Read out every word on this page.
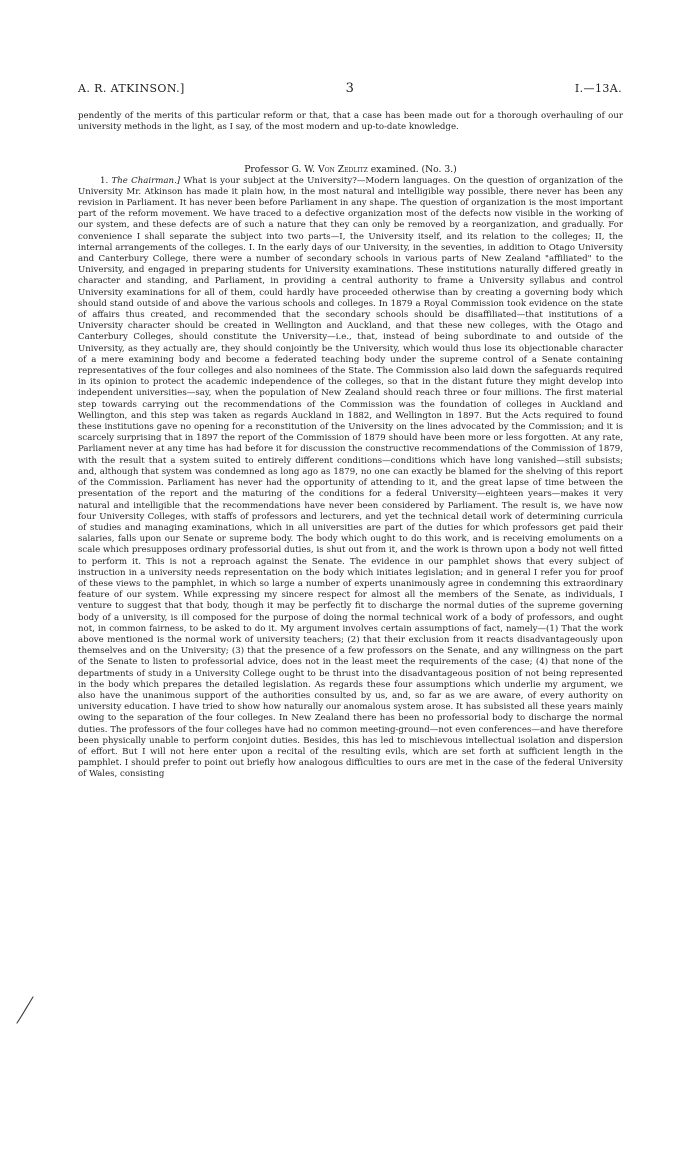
A. R. ATKINSON.]	3	I.—13A.

pendently of the merits of this particular reform or that, that a case has been made out for a thorough overhauling of our university methods in the light, as I say, of the most modern and up-to-date knowledge.

Professor G. W. Von Zedlitz examined. (No. 3.)

1. The Chairman.] What is your subject at the University?—Modern languages. On the question of organization of the University Mr. Atkinson has made it plain how, in the most natural and intelligible way possible, there never has been any revision in Parliament. It has never been before Parliament in any shape. The question of organization is the most important part of the reform movement. We have traced to a defective organization most of the defects now visible in the working of our system, and these defects are of such a nature that they can only be removed by a reorganization, and gradually. For convenience I shall separate the subject into two parts—I, the University itself, and its relation to the colleges; II, the internal arrangements of the colleges. I. In the early days of our University, in the seventies, in addition to Otago University and Canterbury College, there were a number of secondary schools in various parts of New Zealand "affiliated" to the University, and engaged in preparing students for University examinations. These institutions naturally differed greatly in character and standing, and Parliament, in providing a central authority to frame a University syllabus and control University examinations for all of them, could hardly have proceeded otherwise than by creating a governing body which should stand outside of and above the various schools and colleges. In 1879 a Royal Commission took evidence on the state of affairs thus created, and recommended that the secondary schools should be disaffiliated—that institutions of a University character should be created in Wellington and Auckland, and that these new colleges, with the Otago and Canterbury Colleges, should constitute the University—i.e., that, instead of being subordinate to and outside of the University, as they actually are, they should conjointly be the University, which would thus lose its objectionable character of a mere examining body and become a federated teaching body under the supreme control of a Senate containing representatives of the four colleges and also nominees of the State. The Commission also laid down the safeguards required in its opinion to protect the academic independence of the colleges, so that in the distant future they might develop into independent universities—say, when the population of New Zealand should reach three or four millions. The first material step towards carrying out the recommendations of the Commission was the foundation of colleges in Auckland and Wellington, and this step was taken as regards Auckland in 1882, and Wellington in 1897. But the Acts required to found these institutions gave no opening for a reconstitution of the University on the lines advocated by the Commission; and it is scarcely surprising that in 1897 the report of the Commission of 1879 should have been more or less forgotten. At any rate, Parliament never at any time has had before it for discussion the constructive recommendations of the Commission of 1879, with the result that a system suited to entirely different conditions—conditions which have long vanished—still subsists; and, although that system was condemned as long ago as 1879, no one can exactly be blamed for the shelving of this report of the Commission. Parliament has never had the opportunity of attending to it, and the great lapse of time between the presentation of the report and the maturing of the conditions for a federal University—eighteen years—makes it very natural and intelligible that the recommendations have never been considered by Parliament. The result is, we have now four University Colleges, with staffs of professors and lecturers, and yet the technical detail work of determining curricula of studies and managing examinations, which in all universities are part of the duties for which professors get paid their salaries, falls upon our Senate or supreme body. The body which ought to do this work, and is receiving emoluments on a scale which presupposes ordinary professorial duties, is shut out from it, and the work is thrown upon a body not well fitted to perform it. This is not a reproach against the Senate. The evidence in our pamphlet shows that every subject of instruction in a university needs representation on the body which initiates legislation; and in general I refer you for proof of these views to the pamphlet, in which so large a number of experts unanimously agree in condemning this extraordinary feature of our system. While expressing my sincere respect for almost all the members of the Senate, as individuals, I venture to suggest that that body, though it may be perfectly fit to discharge the normal duties of the supreme governing body of a university, is ill composed for the purpose of doing the normal technical work of a body of professors, and ought not, in common fairness, to be asked to do it. My argument involves certain assumptions of fact, namely—(1) That the work above mentioned is the normal work of university teachers; (2) that their exclusion from it reacts disadvantageously upon themselves and on the University; (3) that the presence of a few professors on the Senate, and any willingness on the part of the Senate to listen to professorial advice, does not in the least meet the requirements of the case; (4) that none of the departments of study in a University College ought to be thrust into the disadvantageous position of not being represented in the body which prepares the detailed legislation. As regards these four assumptions which underlie my argument, we also have the unanimous support of the authorities consulted by us, and, so far as we are aware, of every authority on university education. I have tried to show how naturally our anomalous system arose. It has subsisted all these years mainly owing to the separation of the four colleges. In New Zealand there has been no professorial body to discharge the normal duties. The professors of the four colleges have had no common meeting-ground—not even conferences—and have therefore been physically unable to perform conjoint duties. Besides, this has led to mischievous intellectual isolation and dispersion of effort. But I will not here enter upon a recital of the resulting evils, which are set forth at sufficient length in the pamphlet. I should prefer to point out briefly how analogous difficulties to ours are met in the case of the federal University of Wales, consisting
